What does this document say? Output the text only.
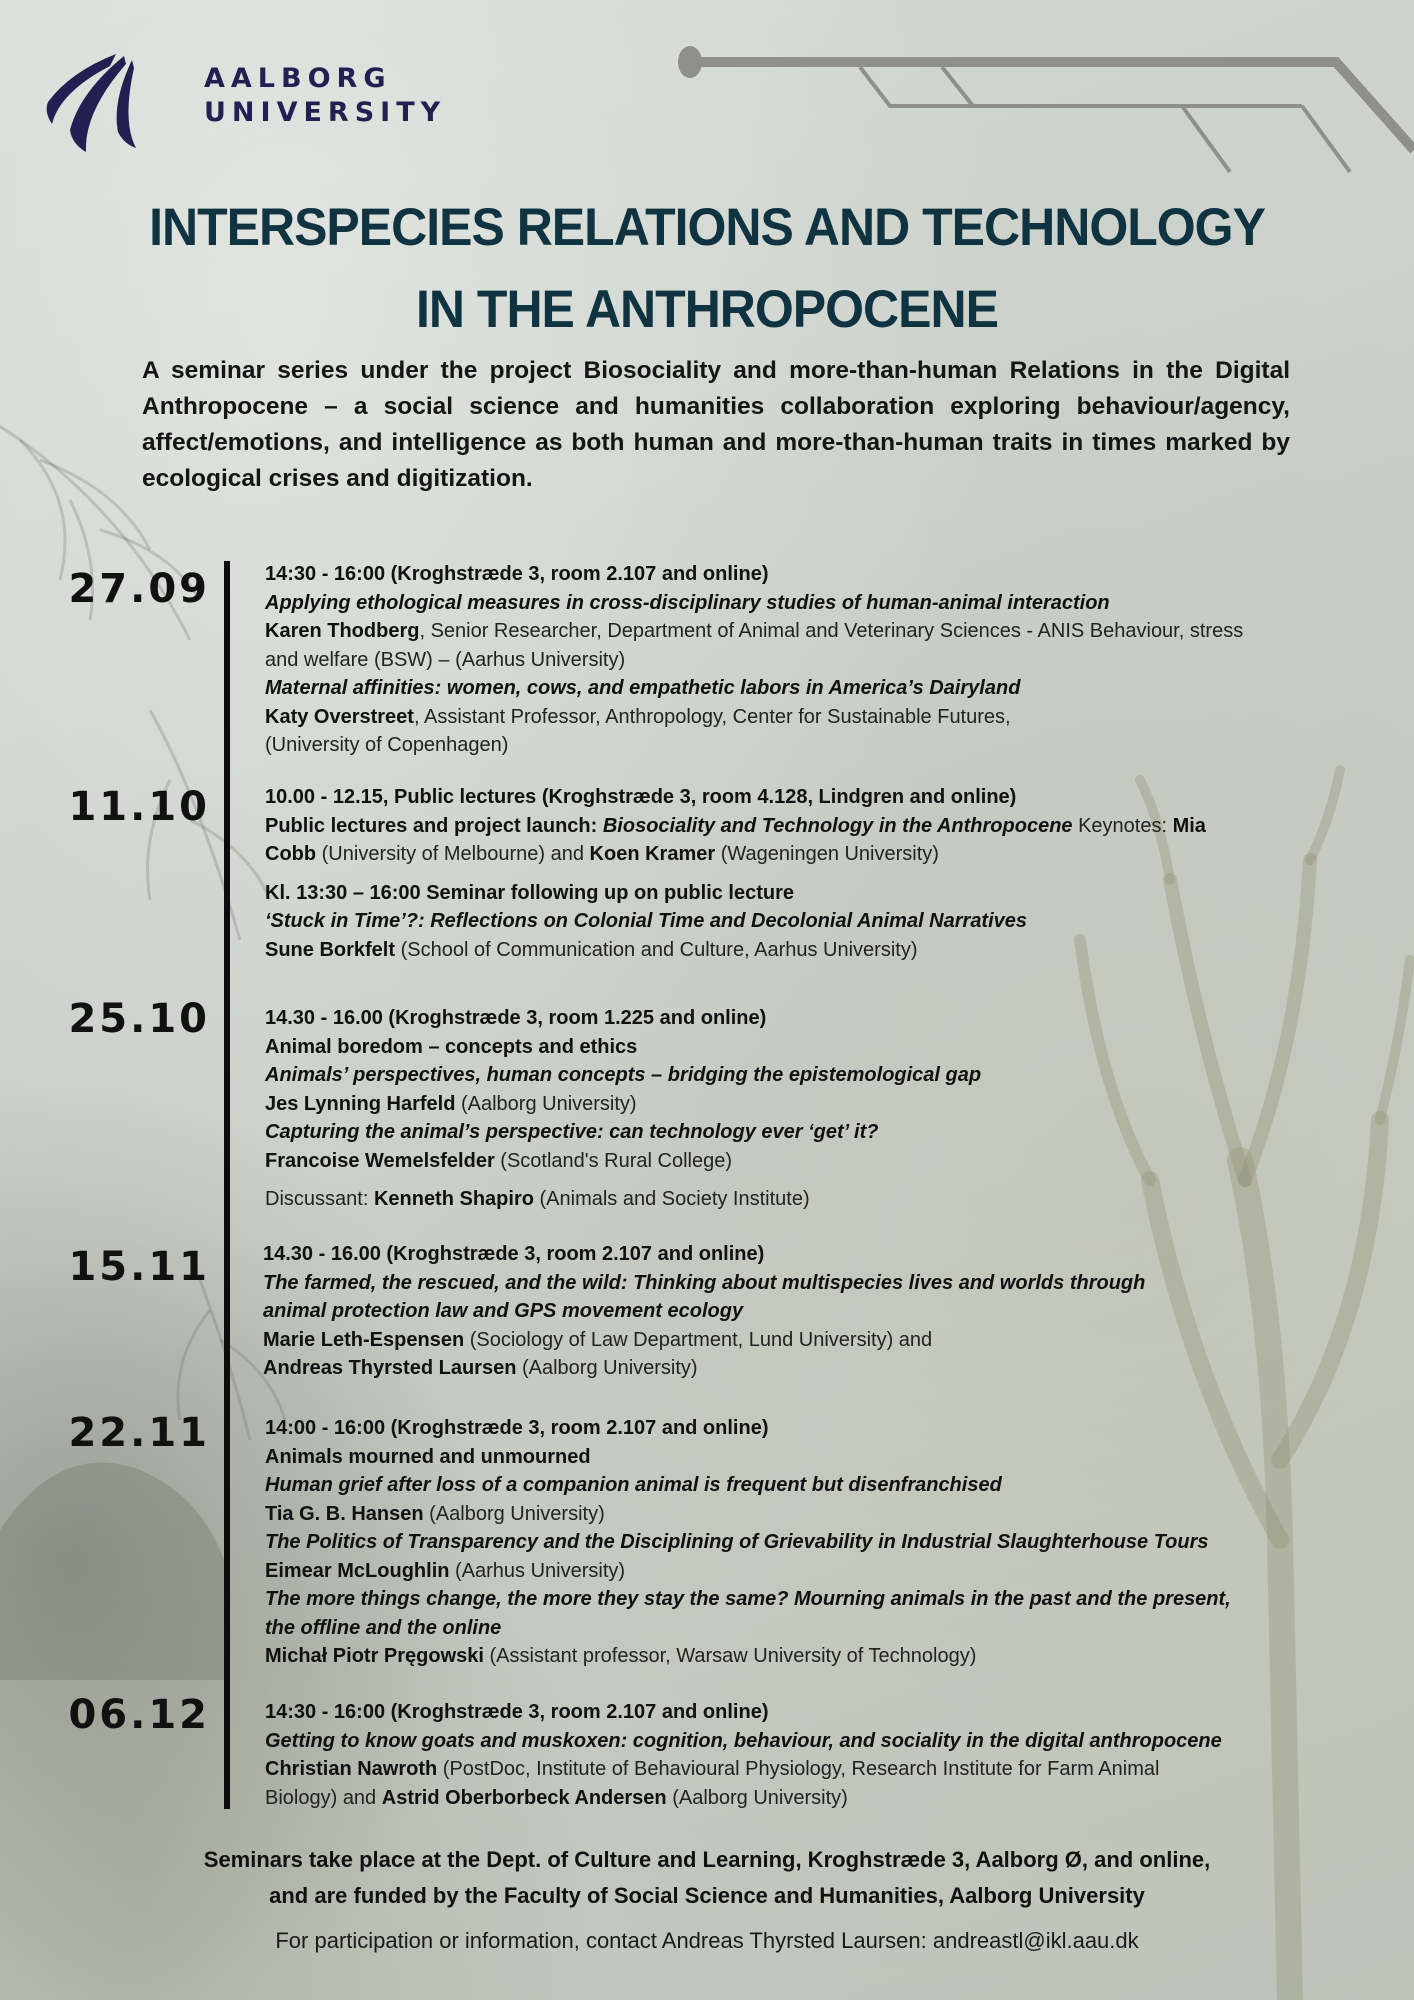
AALBORG
UNIVERSITY
INTERSPECIES RELATIONS AND TECHNOLOGY
IN THE ANTHROPOCENE

A seminar series under the project Biosociality and more-than-human Relations in the Digital Anthropocene – a social science and humanities collaboration exploring behaviour/agency, affect/emotions, and intelligence as both human and more-than-human traits in times marked by ecological crises and digitization.

27.09	14:30 - 16:00 (Kroghstræde 3, room 2.107 and online)
Applying ethological measures in cross-disciplinary studies of human-animal interaction
Karen Thodberg, Senior Researcher, Department of Animal and Veterinary Sciences - ANIS Behaviour, stress
and welfare (BSW) – (Aarhus University)
Maternal affinities: women, cows, and empathetic labors in America’s Dairyland
Katy Overstreet, Assistant Professor, Anthropology, Center for Sustainable Futures,
(University of Copenhagen)
11.10	10.00 - 12.15, Public lectures (Kroghstræde 3, room 4.128, Lindgren and online)
Public lectures and project launch: Biosociality and Technology in the Anthropocene Keynotes: Mia
Cobb (University of Melbourne) and Koen Kramer (Wageningen University)
Kl. 13:30 – 16:00 Seminar following up on public lecture
‘Stuck in Time’?: Reflections on Colonial Time and Decolonial Animal Narratives
Sune Borkfelt (School of Communication and Culture, Aarhus University)
25.10	14.30 - 16.00 (Kroghstræde 3, room 1.225 and online)
Animal boredom – concepts and ethics
Animals’ perspectives, human concepts – bridging the epistemological gap
Jes Lynning Harfeld (Aalborg University)
Capturing the animal’s perspective: can technology ever ‘get’ it?
Francoise Wemelsfelder (Scotland's Rural College)
Discussant: Kenneth Shapiro (Animals and Society Institute)
15.11	14.30 - 16.00 (Kroghstræde 3, room 2.107 and online)
The farmed, the rescued, and the wild: Thinking about multispecies lives and worlds through
animal protection law and GPS movement ecology
Marie Leth-Espensen (Sociology of Law Department, Lund University) and
Andreas Thyrsted Laursen (Aalborg University)
22.11	14:00 - 16:00 (Kroghstræde 3, room 2.107 and online)
Animals mourned and unmourned
Human grief after loss of a companion animal is frequent but disenfranchised
Tia G. B. Hansen (Aalborg University)
The Politics of Transparency and the Disciplining of Grievability in Industrial Slaughterhouse Tours
Eimear McLoughlin (Aarhus University)
The more things change, the more they stay the same? Mourning animals in the past and the present,
the offline and the online
Michał Piotr Pręgowski (Assistant professor, Warsaw University of Technology)
06.12	14:30 - 16:00 (Kroghstræde 3, room 2.107 and online)
Getting to know goats and muskoxen: cognition, behaviour, and sociality in the digital anthropocene
Christian Nawroth (PostDoc, Institute of Behavioural Physiology, Research Institute for Farm Animal
Biology) and Astrid Oberborbeck Andersen (Aalborg University)
Seminars take place at the Dept. of Culture and Learning, Kroghstræde 3, Aalborg Ø, and online,
and are funded by the Faculty of Social Science and Humanities, Aalborg University
For participation or information, contact Andreas Thyrsted Laursen: andreastl@ikl.aau.dk
